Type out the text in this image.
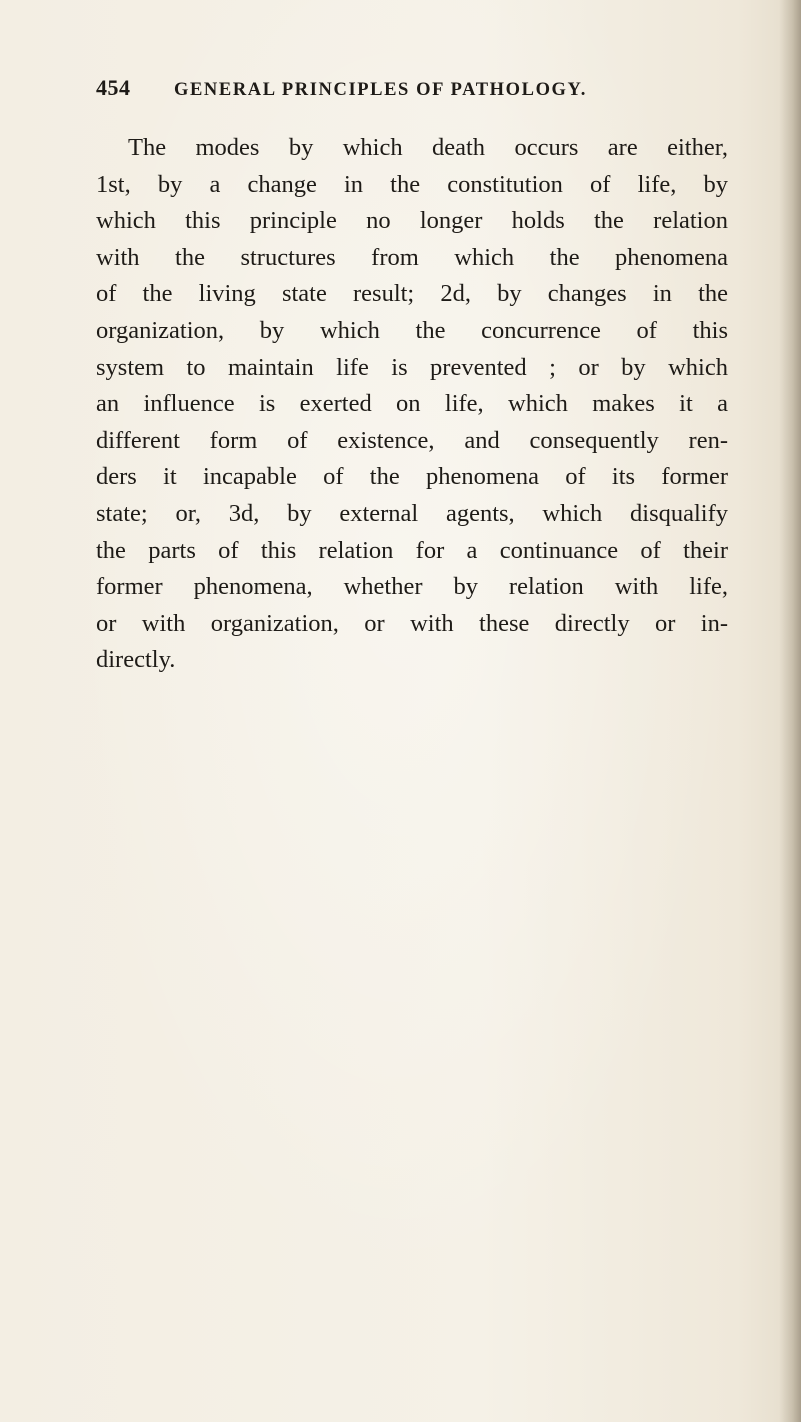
454	GENERAL PRINCIPLES OF PATHOLOGY.
The modes by which death occurs are either,
1st, by a change in the constitution of life, by
which this principle no longer holds the relation
with the structures from which the phenomena
of the living state result; 2d, by changes in the
organization, by which the concurrence of this
system to maintain life is prevented ; or by which
an influence is exerted on life, which makes it a
different form of existence, and consequently ren-
ders it incapable of the phenomena of its former
state; or, 3d, by external agents, which disqualify
the parts of this relation for a continuance of their
former phenomena, whether by relation with life,
or with organization, or with these directly or in-
directly.
